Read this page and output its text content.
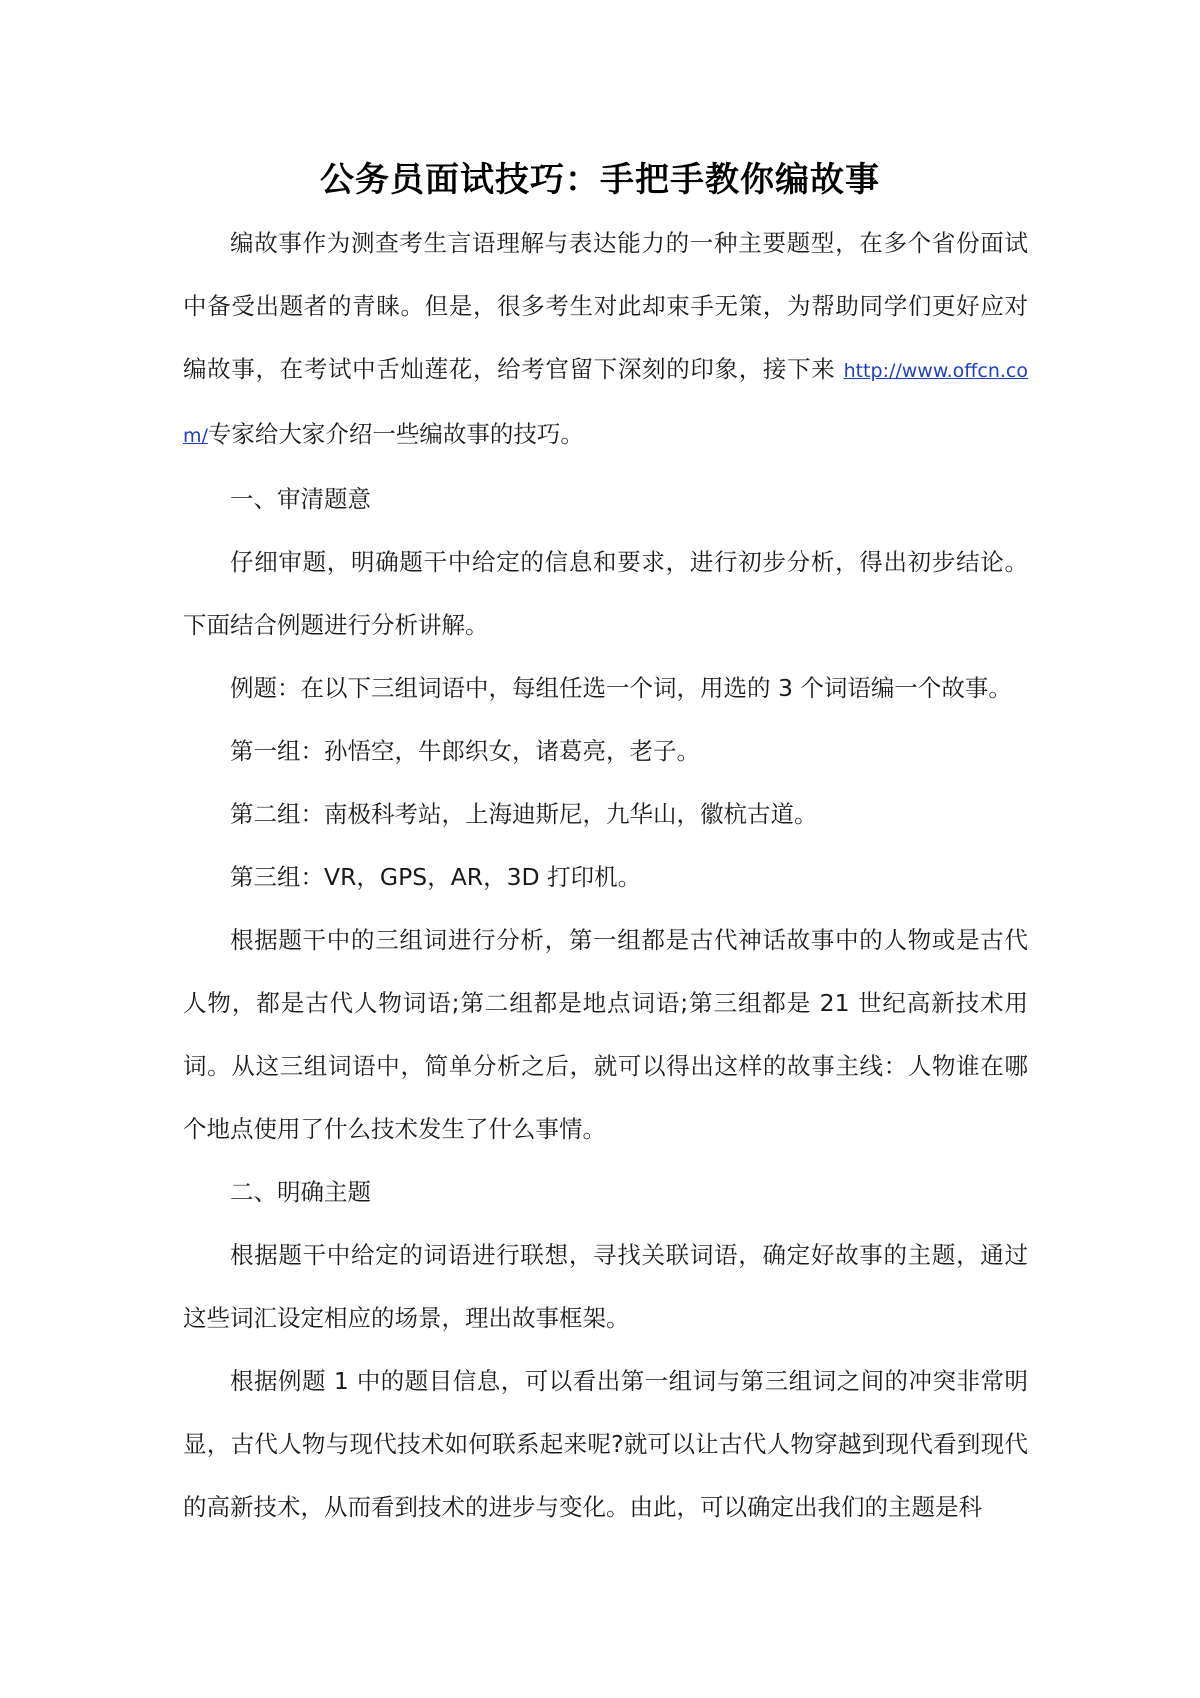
公务员面试技巧：手把手教你编故事

编故事作为测查考生言语理解与表达能力的一种主要题型，在多个省份面试中备受出题者的青睐。但是，很多考生对此却束手无策，为帮助同学们更好应对编故事，在考试中舌灿莲花，给考官留下深刻的印象，接下来 http://www.offcn.com/专家给大家介绍一些编故事的技巧。

一、审清题意

仔细审题，明确题干中给定的信息和要求，进行初步分析，得出初步结论。下面结合例题进行分析讲解。

例题：在以下三组词语中，每组任选一个词，用选的 3 个词语编一个故事。

第一组：孙悟空，牛郎织女，诸葛亮，老子。

第二组：南极科考站，上海迪斯尼，九华山，徽杭古道。

第三组：VR，GPS，AR，3D 打印机。

根据题干中的三组词进行分析，第一组都是古代神话故事中的人物或是古代人物，都是古代人物词语;第二组都是地点词语;第三组都是 21 世纪高新技术用词。从这三组词语中，简单分析之后，就可以得出这样的故事主线：人物谁在哪个地点使用了什么技术发生了什么事情。

二、明确主题

根据题干中给定的词语进行联想，寻找关联词语，确定好故事的主题，通过这些词汇设定相应的场景，理出故事框架。

根据例题 1 中的题目信息，可以看出第一组词与第三组词之间的冲突非常明显，古代人物与现代技术如何联系起来呢?就可以让古代人物穿越到现代看到现代的高新技术，从而看到技术的进步与变化。由此，可以确定出我们的主题是科
